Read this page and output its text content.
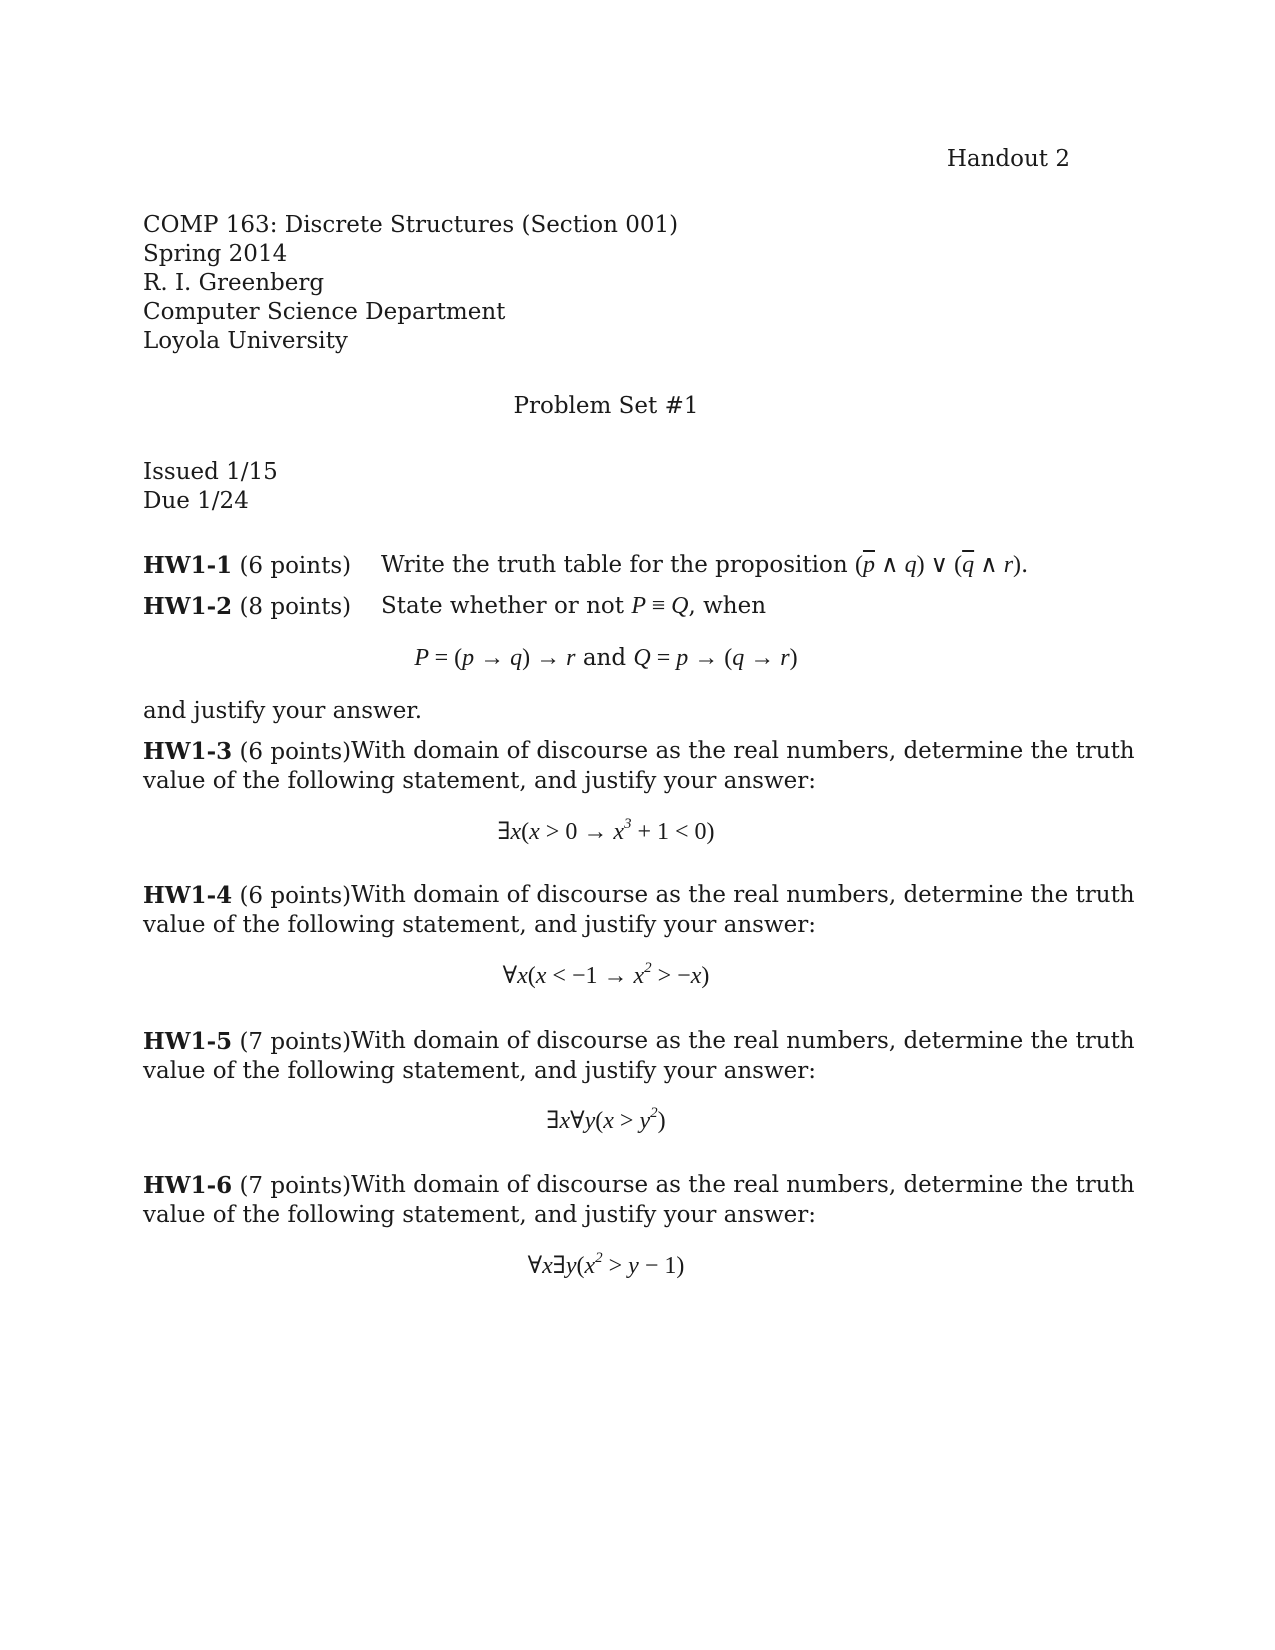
Handout 2
COMP 163: Discrete Structures (Section 001)
Spring 2014
R. I. Greenberg
Computer Science Department
Loyola University
Problem Set #1
Issued 1/15
Due 1/24
HW1-1 (6 points) Write the truth table for the proposition ($\overline{p}$ ∧ q) ∨ ($\overline{q}$ ∧ r).
HW1-2 (8 points) State whether or not P ≡ Q, when
P = (p → q) → r and Q = p → (q → r)
and justify your answer.
HW1-3 (6 points) With domain of discourse as the real numbers, determine the truth
value of the following statement, and justify your answer:
∃x(x > $0 \to x^3 + 1 < 0$)
HW1-4 (6 points) With domain of discourse as the real numbers, determine the truth
value of the following statement, and justify your answer:
∀x(x < $-1 \to x^2 > -x$)
HW1-5 (7 points) With domain of discourse as the real numbers, determine the truth
value of the following statement, and justify your answer:
∃x∀y(x > $y^2$)
HW1-6 (7 points) With domain of discourse as the real numbers, determine the truth
value of the following statement, and justify your answer:
$\forall x\exists y(x^2 > y - 1)$
